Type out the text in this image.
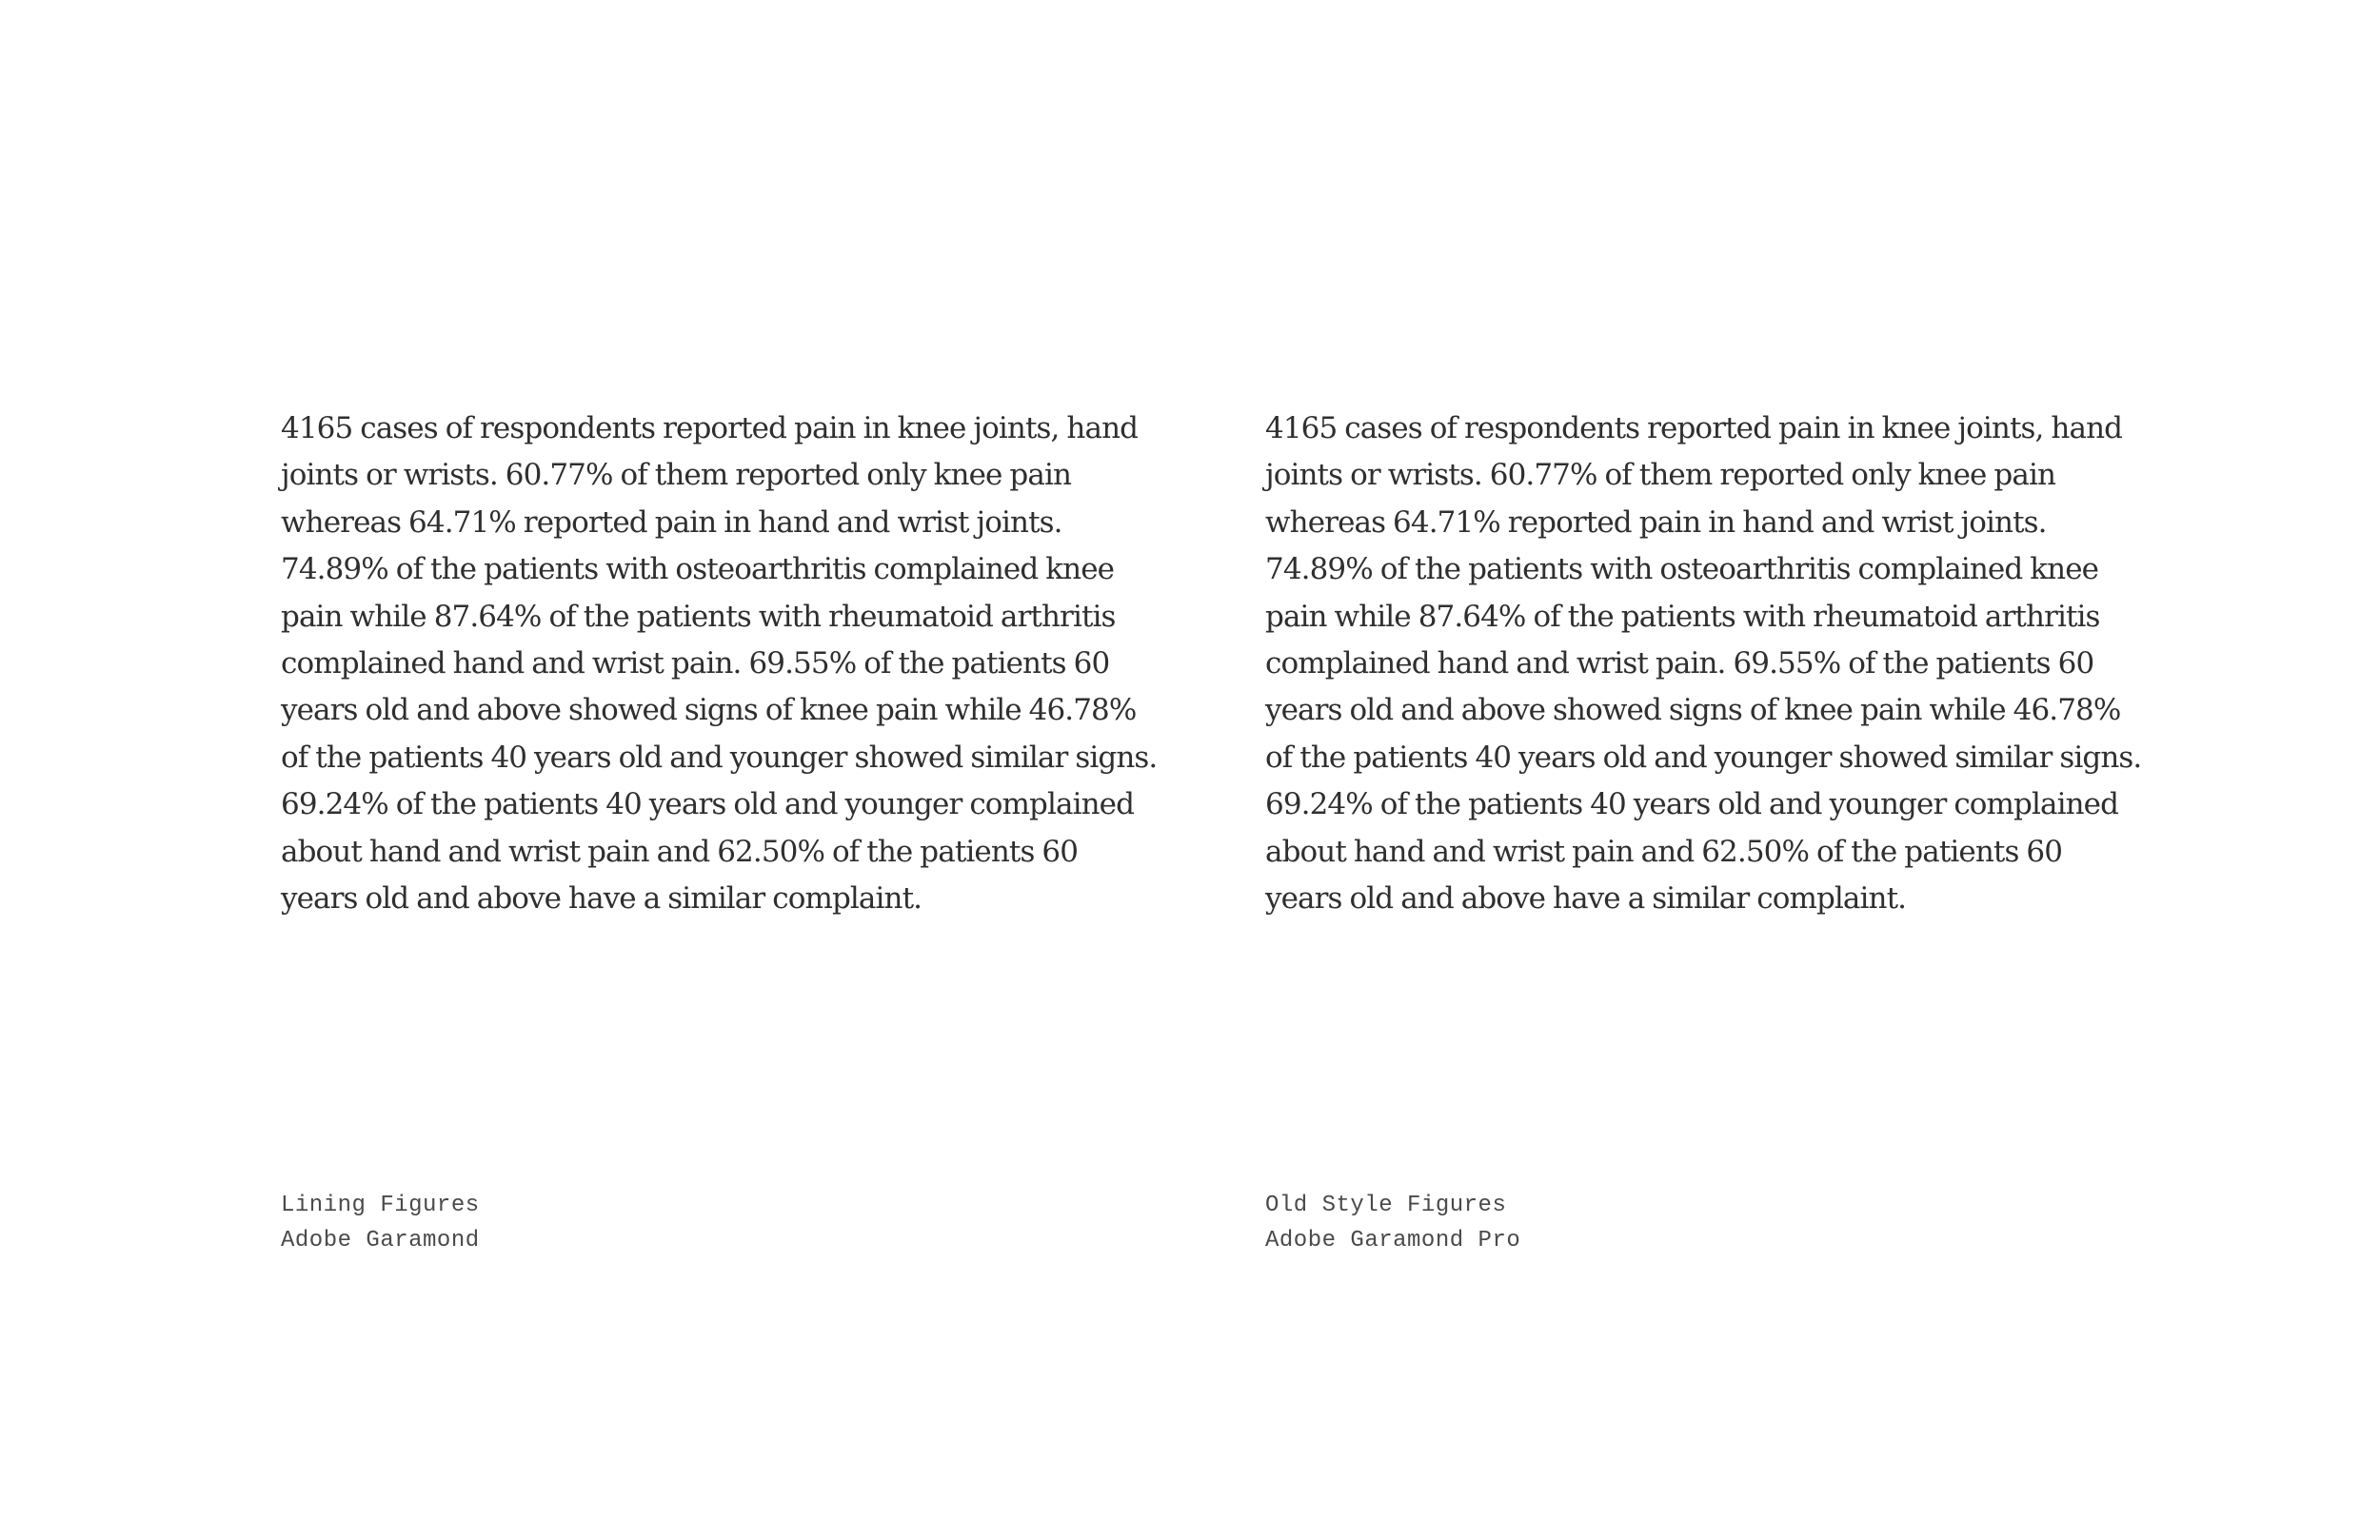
4165 cases of respondents reported pain in knee joints, hand
joints or wrists. 60.77% of them reported only knee pain
whereas 64.71% reported pain in hand and wrist joints.
74.89% of the patients with osteoarthritis complained knee
pain while 87.64% of the patients with rheumatoid arthritis
complained hand and wrist pain. 69.55% of the patients 60
years old and above showed signs of knee pain while 46.78%
of the patients 40 years old and younger showed similar signs.
69.24% of the patients 40 years old and younger complained
about hand and wrist pain and 62.50% of the patients 60
years old and above have a similar complaint.

Lining Figures
Adobe Garamond

4165 cases of respondents reported pain in knee joints, hand
joints or wrists. 60.77% of them reported only knee pain
whereas 64.71% reported pain in hand and wrist joints.
74.89% of the patients with osteoarthritis complained knee
pain while 87.64% of the patients with rheumatoid arthritis
complained hand and wrist pain. 69.55% of the patients 60
years old and above showed signs of knee pain while 46.78%
of the patients 40 years old and younger showed similar signs.
69.24% of the patients 40 years old and younger complained
about hand and wrist pain and 62.50% of the patients 60
years old and above have a similar complaint.

Old Style Figures
Adobe Garamond Pro
